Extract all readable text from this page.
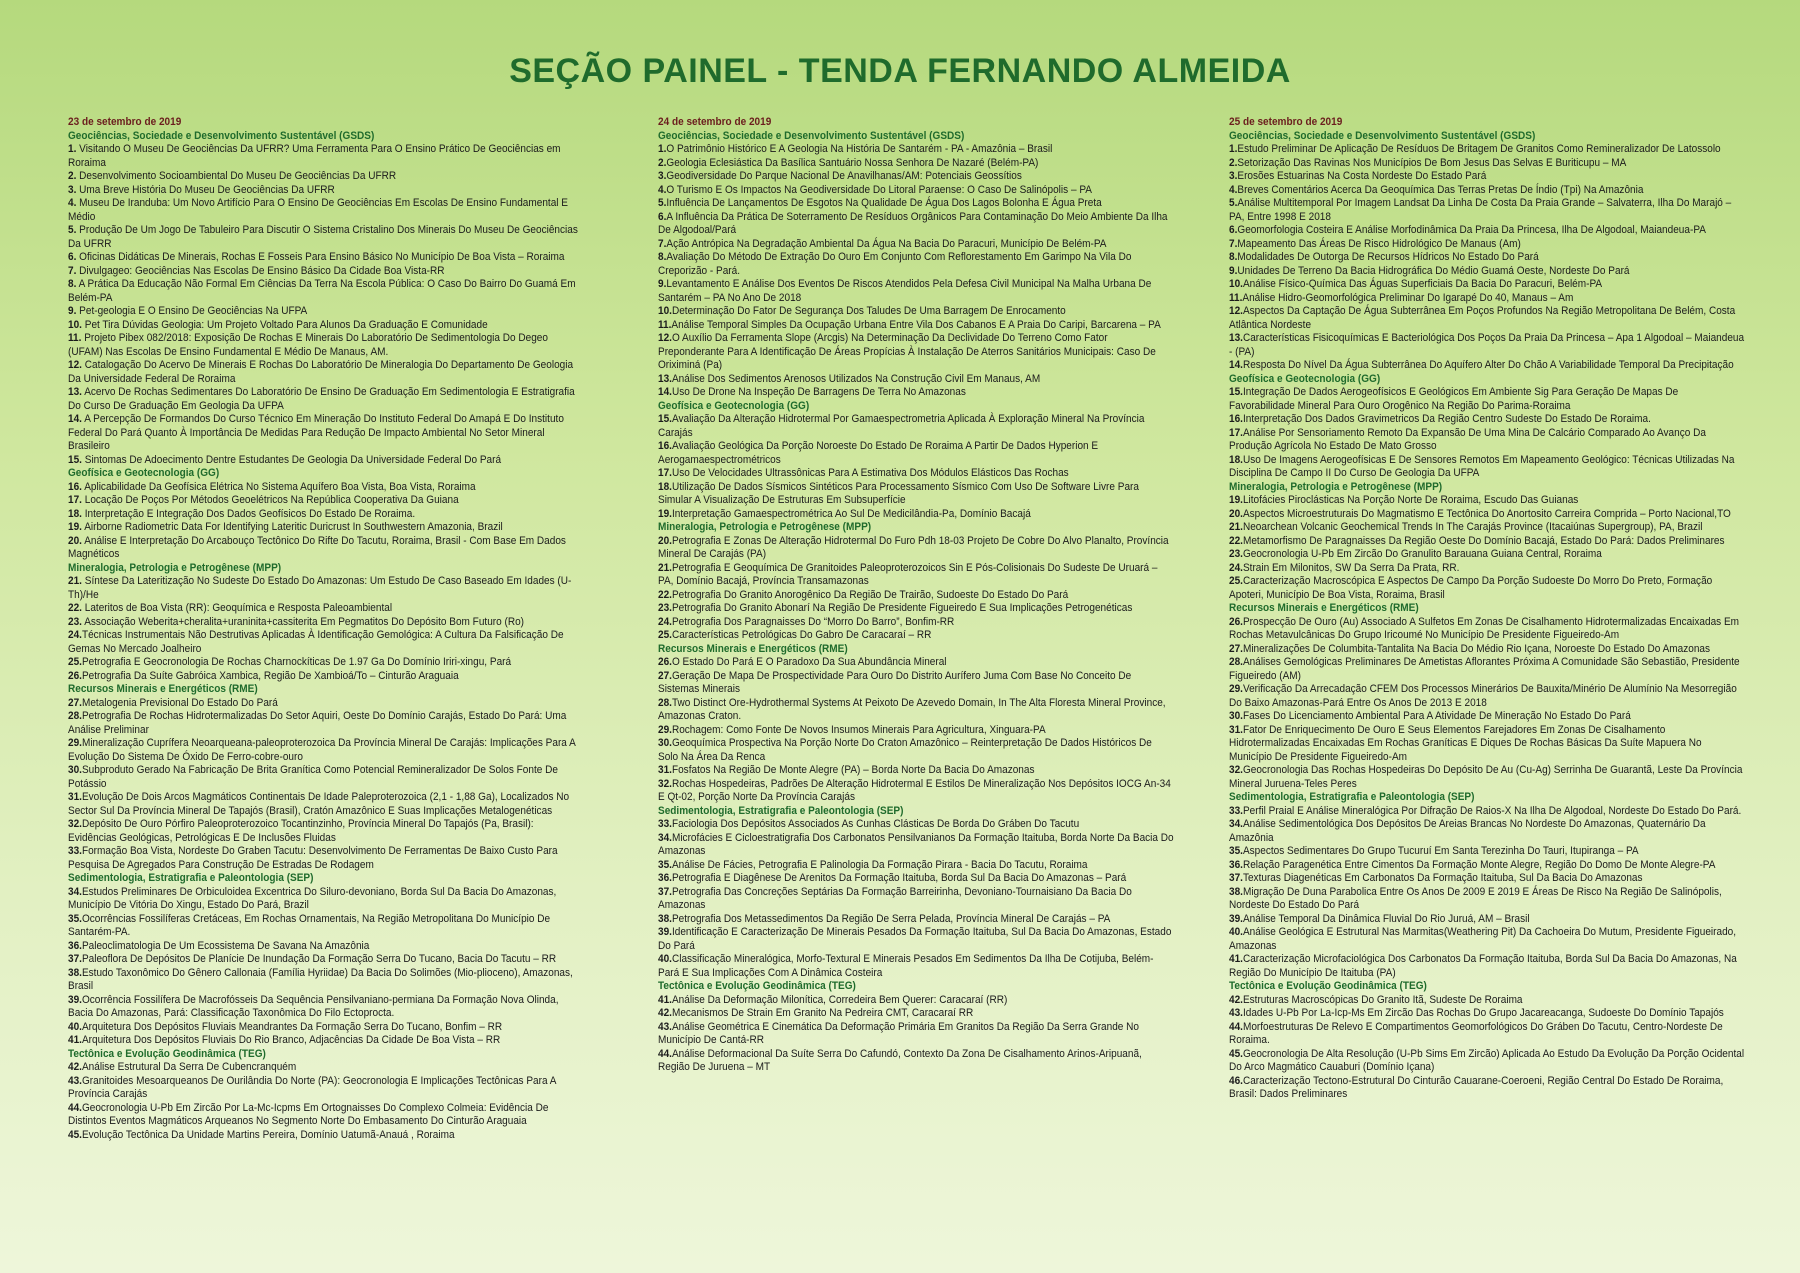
SEÇÃO PAINEL - TENDA FERNANDO ALMEIDA
23 de setembro de 2019
Geociências, Sociedade e Desenvolvimento Sustentável (GSDS)
1. Visitando O Museu De Geociências Da UFRR? Uma Ferramenta Para O Ensino Prático De Geociências em Roraima
2. Desenvolvimento Socioambiental Do Museu De Geociências Da UFRR
3. Uma Breve História Do Museu De Geociências Da UFRR
4. Museu De Iranduba: Um Novo Artifício Para O Ensino De Geociências Em Escolas De Ensino Fundamental E Médio
5. Produção De Um Jogo De Tabuleiro Para Discutir O Sistema Cristalino Dos Minerais Do Museu De Geociências Da UFRR
6. Oficinas Didáticas De Minerais, Rochas E Fosseis Para Ensino Básico No Município De Boa Vista – Roraima
7. Divulgageo: Geociências Nas Escolas De Ensino Básico Da Cidade Boa Vista-RR
8. A Prática Da Educação Não Formal Em Ciências Da Terra Na Escola Pública: O Caso Do Bairro Do Guamá Em Belém-PA
9. Pet-geologia E O Ensino De Geociências Na UFPA
10. Pet Tira Dúvidas Geologia: Um Projeto Voltado Para Alunos Da Graduação E Comunidade
11. Projeto Pibex 082/2018: Exposição De Rochas E Minerais Do Laboratório De Sedimentologia Do Degeo (UFAM) Nas Escolas De Ensino Fundamental E Médio De Manaus, AM.
12. Catalogação Do Acervo De Minerais E Rochas Do Laboratório De Mineralogia Do Departamento De Geologia Da Universidade Federal De Roraima
13. Acervo De Rochas Sedimentares Do Laboratório De Ensino De Graduação Em Sedimentologia E Estratigrafia Do Curso De Graduação Em Geologia Da UFPA
14. A Percepção De Formandos Do Curso Técnico Em Mineração Do Instituto Federal Do Amapá E Do Instituto Federal Do Pará Quanto À Importância De Medidas Para Redução De Impacto Ambiental No Setor Mineral Brasileiro
15. Sintomas De Adoecimento Dentre Estudantes De Geologia Da Universidade Federal Do Pará
Geofísica e Geotecnologia (GG)
16. Aplicabilidade Da Geofísica Elétrica No Sistema Aquífero Boa Vista, Boa Vista, Roraima
17. Locação De Poços Por Métodos Geoelétricos Na República Cooperativa Da Guiana
18. Interpretação E Integração Dos Dados Geofísicos Do Estado De Roraima.
19. Airborne Radiometric Data For Identifying Lateritic Duricrust In Southwestern Amazonia, Brazil
20. Análise E Interpretação Do Arcabouço Tectônico Do Rifte Do Tacutu, Roraima, Brasil - Com Base Em Dados Magnéticos
Mineralogia, Petrologia e Petrogênese (MPP)
21. Síntese Da Lateritização No Sudeste Do Estado Do Amazonas: Um Estudo De Caso Baseado Em Idades (U-Th)/He
22. Lateritos de Boa Vista (RR): Geoquímica e Resposta Paleoambiental
23. Associação Weberita+cheralita+uraninita+cassiterita Em Pegmatitos Do Depósito Bom Futuro (Ro)
24.Técnicas Instrumentais Não Destrutivas Aplicadas À Identificação Gemológica: A Cultura Da Falsificação De Gemas No Mercado Joalheiro
25.Petrografia E Geocronologia De Rochas Charnockíticas De 1.97 Ga Do Domínio Iriri-xingu, Pará
26.Petrografia Da Suíte Gabróica Xambica, Região De Xambioá/To – Cinturão Araguaia
Recursos Minerais e Energéticos (RME)
27.Metalogenia Previsional Do Estado Do Pará
28.Petrografia De Rochas Hidrotermalizadas Do Setor Aquiri, Oeste Do Domínio Carajás, Estado Do Pará: Uma Análise Preliminar
29.Mineralização Cuprífera Neoarqueana-paleoproterozoica Da Província Mineral De Carajás: Implicações Para A Evolução Do Sistema De Óxido De Ferro-cobre-ouro
30.Subproduto Gerado Na Fabricação De Brita Granítica Como Potencial Remineralizador De Solos Fonte De Potássio
31.Evolução De Dois Arcos Magmáticos Continentais De Idade Paleproterozoica (2,1 - 1,88 Ga), Localizados No Sector Sul Da Província Mineral De Tapajós (Brasil), Cratón Amazônico E Suas Implicações Metalogenéticas
32.Depósito De Ouro Pórfiro Paleoproterozoico Tocantinzinho, Província Mineral Do Tapajós (Pa, Brasil): Evidências Geológicas, Petrológicas E De Inclusões Fluidas
33.Formação Boa Vista, Nordeste Do Graben Tacutu: Desenvolvimento De Ferramentas De Baixo Custo Para Pesquisa De Agregados Para Construção De Estradas De Rodagem
Sedimentologia, Estratigrafia e Paleontologia (SEP)
34.Estudos Preliminares De Orbiculoidea Excentrica Do Siluro-devoniano, Borda Sul Da Bacia Do Amazonas, Município De Vitória Do Xingu, Estado Do Pará, Brazil
35.Ocorrências Fossilíferas Cretáceas, Em Rochas Ornamentais, Na Região Metropolitana Do Município De Santarém-PA.
36.Paleoclimatologia De Um Ecossistema De Savana Na Amazônia
37.Paleoflora De Depósitos De Planície De Inundação Da Formação Serra Do Tucano, Bacia Do Tacutu – RR
38.Estudo Taxonômico Do Gênero Callonaia (Família Hyriidae) Da Bacia Do Solimões (Mio-plioceno), Amazonas, Brasil
39.Ocorrência Fossilífera De Macrofósseis Da Sequência Pensilvaniano-permiana Da Formação Nova Olinda, Bacia Do Amazonas, Pará: Classificação Taxonômica Do Filo Ectoprocta.
40.Arquitetura Dos Depósitos Fluviais Meandrantes Da Formação Serra Do Tucano, Bonfim – RR
41.Arquitetura Dos Depósitos Fluviais Do Rio Branco, Adjacências Da Cidade De Boa Vista – RR
Tectônica e Evolução Geodinâmica (TEG)
42.Análise Estrutural Da Serra De Cubencranquém
43.Granitoides Mesoarqueanos De Ourilândia Do Norte (PA): Geocronologia E Implicações Tectônicas Para A Província Carajás
44.Geocronologia U-Pb Em Zircão Por La-Mc-Icpms Em Ortognaisses Do Complexo Colmeia: Evidência De Distintos Eventos Magmáticos Arqueanos No Segmento Norte Do Embasamento Do Cinturão Araguaia
45.Evolução Tectônica Da Unidade Martins Pereira, Domínio Uatumã-Anauá , Roraima
24 de setembro de 2019
Geociências, Sociedade e Desenvolvimento Sustentável (GSDS)
1.O Patrimônio Histórico E A Geologia Na História De Santarém - PA - Amazônia – Brasil
2.Geologia Eclesiástica Da Basílica Santuário Nossa Senhora De Nazaré (Belém-PA)
3.Geodiversidade Do Parque Nacional De Anavilhanas/AM: Potenciais Geossítios
4.O Turismo E Os Impactos Na Geodiversidade Do Litoral Paraense: O Caso De Salinópolis – PA
5.Influência De Lançamentos De Esgotos Na Qualidade De Água Dos Lagos Bolonha E Água Preta
6.A Influência Da Prática De Soterramento De Resíduos Orgânicos Para Contaminação Do Meio Ambiente Da Ilha De Algodoal/Pará
7.Ação Antrópica Na Degradação Ambiental Da Água Na Bacia Do Paracuri, Município De Belém-PA
8.Avaliação Do Método De Extração Do Ouro Em Conjunto Com Reflorestamento Em Garimpo Na Vila Do Creporizão - Pará.
9.Levantamento E Análise Dos Eventos De Riscos Atendidos Pela Defesa Civil Municipal Na Malha Urbana De Santarém – PA No Ano De 2018
10.Determinação Do Fator De Segurança Dos Taludes De Uma Barragem De Enrocamento
11.Análise Temporal Simples Da Ocupação Urbana Entre Vila Dos Cabanos E A Praia Do Caripi, Barcarena – PA
12.O Auxílio Da Ferramenta Slope (Arcgis) Na Determinação Da Declividade Do Terreno Como Fator Preponderante Para A Identificação De Áreas Propícias À Instalação De Aterros Sanitários Municipais: Caso De Oriximiná (Pa)
13.Análise Dos Sedimentos Arenosos Utilizados Na Construção Civil Em Manaus, AM
14.Uso De Drone Na Inspeção De Barragens De Terra No Amazonas
Geofísica e Geotecnologia (GG)
15.Avaliação Da Alteração Hidrotermal Por Gamaespectrometria Aplicada À Exploração Mineral Na Província Carajás
16.Avaliação Geológica Da Porção Noroeste Do Estado De Roraima A Partir De Dados Hyperion E Aerogamaespectrométricos
17.Uso De Velocidades Ultrassônicas Para A Estimativa Dos Módulos Elásticos Das Rochas
18.Utilização De Dados Sísmicos Sintéticos Para Processamento Sísmico Com Uso De Software Livre Para Simular A Visualização De Estruturas Em Subsuperfície
19.Interpretação Gamaespectrométrica Ao Sul De Medicilândia-Pa, Domínio Bacajá
Mineralogia, Petrologia e Petrogênese (MPP)
20.Petrografia E Zonas De Alteração Hidrotermal Do Furo Pdh 18-03 Projeto De Cobre Do Alvo Planalto, Província Mineral De Carajás (PA)
21.Petrografia E Geoquímica De Granitoides Paleoproterozoicos Sin E Pós-Colisionais Do Sudeste De Uruará – PA, Domínio Bacajá, Província Transamazonas
22.Petrografia Do Granito Anorogênico Da Região De Trairão, Sudoeste Do Estado Do Pará
23.Petrografia Do Granito Abonarí Na Região De Presidente Figueiredo E Sua Implicações Petrogenéticas
24.Petrografia Dos Paragnaisses Do “Morro Do Barro”, Bonfim-RR
25.Características Petrológicas Do Gabro De Caracaraí – RR
Recursos Minerais e Energéticos (RME)
26.O Estado Do Pará E O Paradoxo Da Sua Abundância Mineral
27.Geração De Mapa De Prospectividade Para Ouro Do Distrito Aurífero Juma Com Base No Conceito De Sistemas Minerais
28.Two Distinct Ore-Hydrothermal Systems At Peixoto De Azevedo Domain, In The Alta Floresta Mineral Province, Amazonas Craton.
29.Rochagem: Como Fonte De Novos Insumos Minerais Para Agricultura, Xinguara-PA
30.Geoquímica Prospectiva Na Porção Norte Do Craton Amazônico – Reinterpretação De Dados Históricos De Solo Na Área Da Renca
31.Fosfatos Na Região De Monte Alegre (PA) – Borda Norte Da Bacia Do Amazonas
32.Rochas Hospedeiras, Padrões De Alteração Hidrotermal E Estilos De Mineralização Nos Depósitos IOCG An-34 E Qt-02, Porção Norte Da Província Carajás
Sedimentologia, Estratigrafia e Paleontologia (SEP)
33.Faciologia Dos Depósitos Associados As Cunhas Clásticas De Borda Do Gráben Do Tacutu
34.Microfácies E Cicloestratigrafia Dos Carbonatos Pensilvanianos Da Formação Itaituba, Borda Norte Da Bacia Do Amazonas
35.Análise De Fácies, Petrografia E Palinologia Da Formação Pirara - Bacia Do Tacutu, Roraima
36.Petrografia E Diagênese De Arenitos Da Formação Itaituba, Borda Sul Da Bacia Do Amazonas – Pará
37.Petrografia Das Concreções Septárias Da Formação Barreirinha, Devoniano-Tournaisiano Da Bacia Do Amazonas
38.Petrografia Dos Metassedimentos Da Região De Serra Pelada, Província Mineral De Carajás – PA
39.Identificação E Caracterização De Minerais Pesados Da Formação Itaituba, Sul Da Bacia Do Amazonas, Estado Do Pará
40.Classificação Mineralógica, Morfo-Textural E Minerais Pesados Em Sedimentos Da Ilha De Cotijuba, Belém-Pará E Sua Implicações Com A Dinâmica Costeira
Tectônica e Evolução Geodinâmica (TEG)
41.Análise Da Deformação Milonítica, Corredeira Bem Querer: Caracaraí (RR)
42.Mecanismos De Strain Em Granito Na Pedreira CMT, Caracaraí RR
43.Análise Geométrica E Cinemática Da Deformação Primária Em Granitos Da Região Da Serra Grande No Município De Cantá-RR
44.Análise Deformacional Da Suíte Serra Do Cafundó, Contexto Da Zona De Cisalhamento Arinos-Aripuanã, Região De Juruena – MT
25 de setembro de 2019
Geociências, Sociedade e Desenvolvimento Sustentável (GSDS)
1.Estudo Preliminar De Aplicação De Resíduos De Britagem De Granitos Como Remineralizador De Latossolo
2.Setorização Das Ravinas Nos Municípios De Bom Jesus Das Selvas E Buriticupu – MA
3.Erosões Estuarinas Na Costa Nordeste Do Estado Pará
4.Breves Comentários Acerca Da Geoquímica Das Terras Pretas De Índio (Tpi) Na Amazônia
5.Análise Multitemporal Por Imagem Landsat Da Linha De Costa Da Praia Grande – Salvaterra, Ilha Do Marajó – PA, Entre 1998 E 2018
6.Geomorfologia Costeira E Análise Morfodinâmica Da Praia Da Princesa, Ilha De Algodoal, Maiandeua-PA
7.Mapeamento Das Áreas De Risco Hidrológico De Manaus (Am)
8.Modalidades De Outorga De Recursos Hídricos No Estado Do Pará
9.Unidades De Terreno Da Bacia Hidrográfica Do Médio Guamá Oeste, Nordeste Do Pará
10.Análise Físico-Química Das Águas Superficiais Da Bacia Do Paracuri, Belém-PA
11.Análise Hidro-Geomorfológica Preliminar Do Igarapé Do 40, Manaus – Am
12.Aspectos Da Captação De Água Subterrânea Em Poços Profundos Na Região Metropolitana De Belém, Costa Atlântica Nordeste
13.Características Fisicoquímicas E Bacteriológica Dos Poços Da Praia Da Princesa – Apa 1 Algodoal – Maiandeua - (PA)
14.Resposta Do Nível Da Água Subterrânea Do Aquífero Alter Do Chão A Variabilidade Temporal Da Precipitação
Geofísica e Geotecnologia (GG)
15.Integração De Dados Aerogeofísicos E Geológicos Em Ambiente Sig Para Geração De Mapas De Favorabilidade Mineral Para Ouro Orogênico Na Região Do Parima-Roraima
16.Interpretação Dos Dados Gravimetricos Da Região Centro Sudeste Do Estado De Roraima.
17.Análise Por Sensoriamento Remoto Da Expansão De Uma Mina De Calcário Comparado Ao Avanço Da Produção Agrícola No Estado De Mato Grosso
18.Uso De Imagens Aerogeofísicas E De Sensores Remotos Em Mapeamento Geológico: Técnicas Utilizadas Na Disciplina De Campo II Do Curso De Geologia Da UFPA
Mineralogia, Petrologia e Petrogênese (MPP)
19.Litofácies Piroclásticas Na Porção Norte De Roraima, Escudo Das Guianas
20.Aspectos Microestruturais Do Magmatismo E Tectônica Do Anortosito Carreira Comprida – Porto Nacional,TO
21.Neoarchean Volcanic Geochemical Trends In The Carajás Province (Itacaiúnas Supergroup), PA, Brazil
22.Metamorfismo De Paragnaisses Da Região Oeste Do Domínio Bacajá, Estado Do Pará: Dados Preliminares
23.Geocronologia U-Pb Em Zircão Do Granulito Barauana Guiana Central, Roraima
24.Strain Em Milonitos, SW Da Serra Da Prata, RR.
25.Caracterização Macroscópica E Aspectos De Campo Da Porção Sudoeste Do Morro Do Preto, Formação Apoteri, Município De Boa Vista, Roraima, Brasil
Recursos Minerais e Energéticos (RME)
26.Prospecção De Ouro (Au) Associado A Sulfetos Em Zonas De Cisalhamento Hidrotermalizadas Encaixadas Em Rochas Metavulcânicas Do Grupo Iricoumé No Município De Presidente Figueiredo-Am
27.Mineralizações De Columbita-Tantalita Na Bacia Do Médio Rio Içana, Noroeste Do Estado Do Amazonas
28.Análises Gemológicas Preliminares De Ametistas Aflorantes Próxima A Comunidade São Sebastião, Presidente Figueiredo (AM)
29.Verificação Da Arrecadação CFEM Dos Processos Minerários De Bauxita/Minério De Alumínio Na Mesorregião Do Baixo Amazonas-Pará Entre Os Anos De 2013 E 2018
30.Fases Do Licenciamento Ambiental Para A Atividade De Mineração No Estado Do Pará
31.Fator De Enriquecimento De Ouro E Seus Elementos Farejadores Em Zonas De Cisalhamento Hidrotermalizadas Encaixadas Em Rochas Graníticas E Diques De Rochas Básicas Da Suíte Mapuera No Município De Presidente Figueiredo-Am
32.Geocronologia Das Rochas Hospedeiras Do Depósito De Au (Cu-Ag) Serrinha De Guarantã, Leste Da Província Mineral Juruena-Teles Peres
Sedimentologia, Estratigrafia e Paleontologia (SEP)
33.Perfil Praial E Análise Mineralógica Por Difração De Raios-X Na Ilha De Algodoal, Nordeste Do Estado Do Pará.
34.Análise Sedimentológica Dos Depósitos De Areias Brancas No Nordeste Do Amazonas, Quaternário Da Amazônia
35.Aspectos Sedimentares Do Grupo Tucuruí Em Santa Terezinha Do Tauri, Itupiranga – PA
36.Relação Paragenética Entre Cimentos Da Formação Monte Alegre, Região Do Domo De Monte Alegre-PA
37.Texturas Diagenéticas Em Carbonatos Da Formação Itaituba, Sul Da Bacia Do Amazonas
38.Migração De Duna Parabolica Entre Os Anos De 2009 E 2019 E Áreas De Risco Na Região De Salinópolis, Nordeste Do Estado Do Pará
39.Análise Temporal Da Dinâmica Fluvial Do Rio Juruá, AM – Brasil
40.Análise Geológica E Estrutural Nas Marmitas(Weathering Pit) Da Cachoeira Do Mutum, Presidente Figueirado, Amazonas
41.Caracterização Microfaciológica Dos Carbonatos Da Formação Itaituba, Borda Sul Da Bacia Do Amazonas, Na Região Do Município De Itaituba (PA)
Tectônica e Evolução Geodinâmica (TEG)
42.Estruturas Macroscópicas Do Granito Itã, Sudeste De Roraima
43.Idades U-Pb Por La-Icp-Ms Em Zircão Das Rochas Do Grupo Jacareacanga, Sudoeste Do Domínio Tapajós
44.Morfoestruturas De Relevo E Compartimentos Geomorfológicos Do Gráben Do Tacutu, Centro-Nordeste De Roraima.
45.Geocronologia De Alta Resolução (U-Pb Sims Em Zircão) Aplicada Ao Estudo Da Evolução Da Porção Ocidental Do Arco Magmático Cauaburi (Domínio Içana)
46.Caracterização Tectono-Estrutural Do Cinturão Cauarane-Coeroeni, Região Central Do Estado De Roraima, Brasil: Dados Preliminares
